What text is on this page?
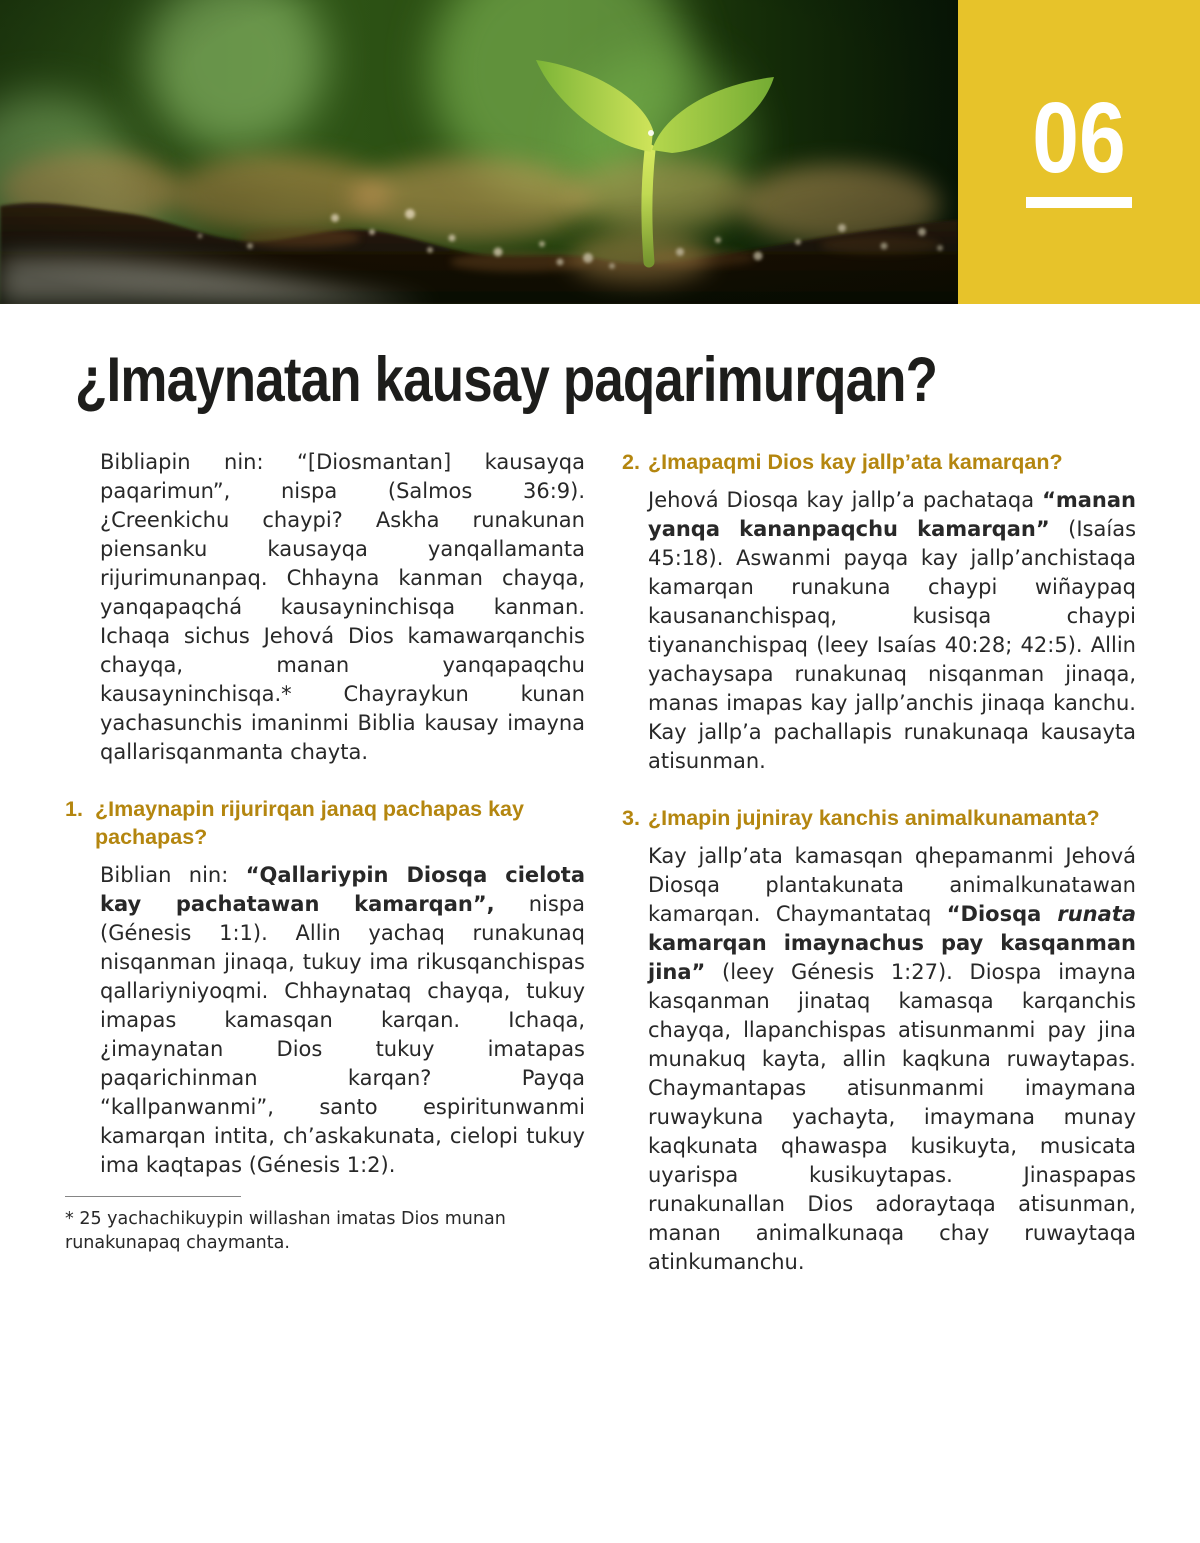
06
¿Imaynatan kausay paqarimurqan?

Bibliapin nin: “[Diosmantan] kausayqa paqarimun”, nispa (Salmos 36:9). ¿Creenkichu chaypi? Askha runakunan piensanku kausayqa yanqallamanta rijurimunanpaq. Chhayna kanman chayqa, yanqapaqchá kausayninchisqa kanman. Ichaqa sichus Jehová Dios kamawarqanchis chayqa, manan yanqapaqchu kausayninchisqa.* Chayraykun kunan yachasunchis imaninmi Biblia kausay imayna qallarisqanmanta chayta.

1. ¿Imaynapin rijurirqan janaq pachapas kay pachapas?

Biblian nin: “Qallariypin Diosqa cielota kay pachatawan kamarqan”, nispa (Génesis 1:1). Allin yachaq runakunaq nisqanman jinaqa, tukuy ima rikusqanchispas qallariyniyoqmi. Chhaynataq chayqa, tukuy imapas kamasqan karqan. Ichaqa, ¿imaynatan Dios tukuy imatapas paqarichinman karqan? Payqa “kallpanwanmi”, santo espiritunwanmi kamarqan intita, ch’askakunata, cielopi tukuy ima kaqtapas (Génesis 1:2).

* 25 yachachikuypin willashan imatas Dios munan runakunapaq chaymanta.

2. ¿Imapaqmi Dios kay jallp’ata kamarqan?

Jehová Diosqa kay jallp’a pachataqa “manan yanqa kananpaqchu kamarqan” (Isaías 45:18). Aswanmi payqa kay jallp’anchistaqa kamarqan runakuna chaypi wiñaypaq kausananchispaq, kusisqa chaypi tiyananchispaq (leey Isaías 40:28; 42:5). Allin yachaysapa runakunaq nisqanman jinaqa, manas imapas kay jallp’anchis jinaqa kanchu. Kay jallp’a pachallapis runakunaqa kausayta atisunman.

3. ¿Imapin jujniray kanchis animalkunamanta?

Kay jallp’ata kamasqan qhepamanmi Jehová Diosqa plantakunata animalkunatawan kamarqan. Chaymantataq “Diosqa runata kamarqan imaynachus pay kasqanman jina” (leey Génesis 1:27). Diospa imayna kasqanman jinataq kamasqa karqanchis chayqa, llapanchispas atisunmanmi pay jina munakuq kayta, allin kaqkuna ruwaytapas. Chaymantapas atisunmanmi imaymana ruwaykuna yachayta, imaymana munay kaqkunata qhawaspa kusikuyta, musicata uyarispa kusikuytapas. Jinaspapas runakunallan Dios adoraytaqa atisunman, manan animalkunaqa chay ruwaytaqa atinkumanchu.
